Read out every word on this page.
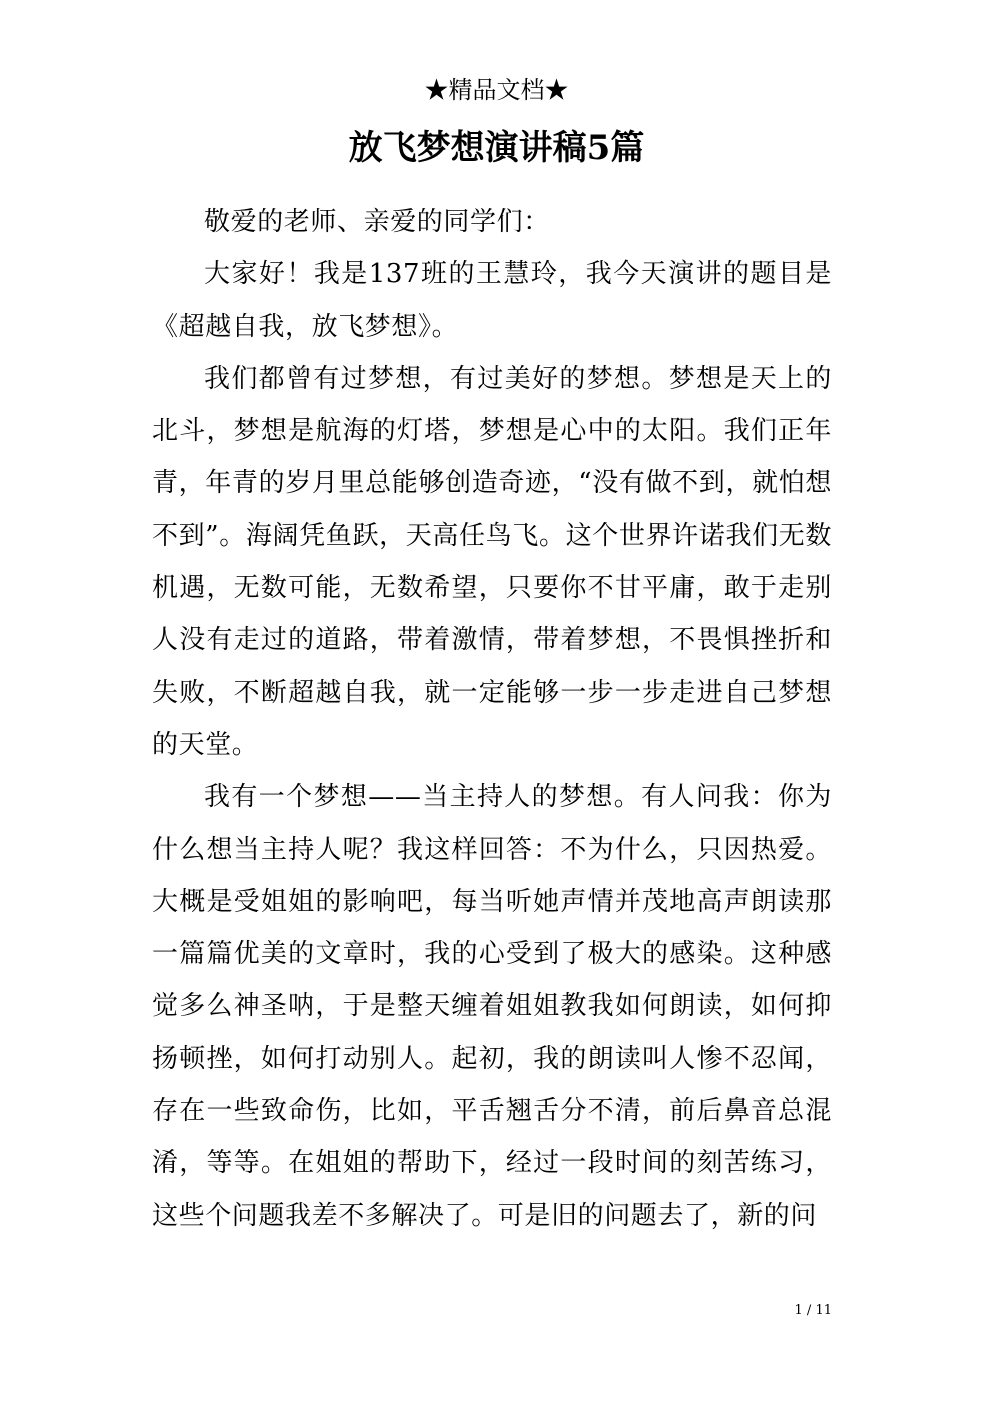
★精品文档★
放飞梦想演讲稿5篇

敬爱的老师、亲爱的同学们：

大家好！我是137班的王慧玲，我今天演讲的题目是《超越自我，放飞梦想》。

我们都曾有过梦想，有过美好的梦想。梦想是天上的北斗，梦想是航海的灯塔，梦想是心中的太阳。我们正年青，年青的岁月里总能够创造奇迹，“没有做不到，就怕想不到”。海阔凭鱼跃，天高任鸟飞。这个世界许诺我们无数机遇，无数可能，无数希望，只要你不甘平庸，敢于走别人没有走过的道路，带着激情，带着梦想，不畏惧挫折和失败，不断超越自我，就一定能够一步一步走进自己梦想的天堂。

我有一个梦想——当主持人的梦想。有人问我：你为什么想当主持人呢？我这样回答：不为什么，只因热爱。大概是受姐姐的影响吧，每当听她声情并茂地高声朗读那一篇篇优美的文章时，我的心受到了极大的感染。这种感觉多么神圣呐，于是整天缠着姐姐教我如何朗读，如何抑扬顿挫，如何打动别人。起初，我的朗读叫人惨不忍闻，存在一些致命伤，比如，平舌翘舌分不清，前后鼻音总混淆，等等。在姐姐的帮助下，经过一段时间的刻苦练习，这些个问题我差不多解决了。可是旧的问题去了，新的问

1 / 11
